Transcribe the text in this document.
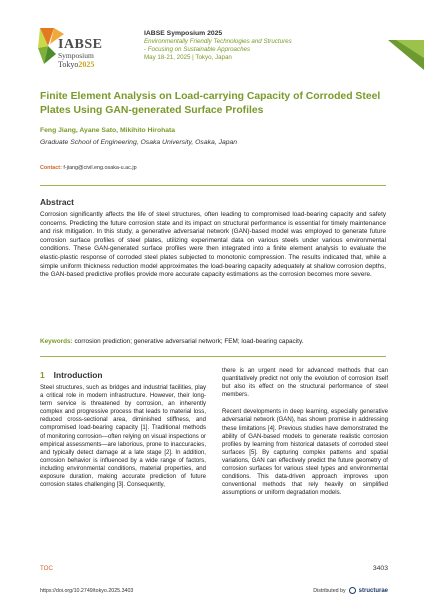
IABSE
Symposium
Tokyo2025
IABSE Symposium 2025
Environmentally Friendly Technologies and Structures
- Focusing on Sustainable Approaches
May 18-21, 2025 | Tokyo, Japan
Finite Element Analysis on Load-carrying Capacity of Corroded Steel Plates Using GAN-generated Surface Profiles
Feng Jiang, Ayane Sato, Mikihito Hirohata
Graduate School of Engineering, Osaka University, Osaka, Japan
Contact: f-jiang@civil.eng.osaka-u.ac.jp
Abstract
Corrosion significantly affects the life of steel structures, often leading to compromised load-bearing capacity and safety concerns. Predicting the future corrosion state and its impact on structural performance is essential for timely maintenance and risk mitigation. In this study, a generative adversarial network (GAN)-based model was employed to generate future corrosion surface profiles of steel plates, utilizing experimental data on various steels under various environmental conditions. These GAN-generated surface profiles were then integrated into a finite element analysis to evaluate the elastic-plastic response of corroded steel plates subjected to monotonic compression. The results indicated that, while a simple uniform thickness reduction model approximates the load-bearing capacity adequately at shallow corrosion depths, the GAN-based predictive profiles provide more accurate capacity estimations as the corrosion becomes more severe.
Keywords: corrosion prediction; generative adversarial network; FEM; load-bearing capacity.
1 Introduction
Steel structures, such as bridges and industrial facilities, play a critical role in modern infrastructure. However, their long-term service is threatened by corrosion, an inherently complex and progressive process that leads to material loss, reduced cross-sectional area, diminished stiffness, and compromised load-bearing capacity [1]. Traditional methods of monitoring corrosion—often relying on visual inspections or empirical assessments—are laborious, prone to inaccuracies, and typically detect damage at a late stage [2]. In addition, corrosion behavior is influenced by a wide range of factors, including environmental conditions, material properties, and exposure duration, making accurate prediction of future corrosion states challenging [3]. Consequently,

there is an urgent need for advanced methods that can quantitatively predict not only the evolution of corrosion itself but also its effect on the structural performance of steel members.

Recent developments in deep learning, especially generative adversarial network (GAN), has shown promise in addressing these limitations [4]. Previous studies have demonstrated the ability of GAN-based models to generate realistic corrosion profiles by learning from historical datasets of corroded steel surfaces [5]. By capturing complex patterns and spatial variations, GAN can effectively predict the future geometry of corrosion surfaces for various steel types and environmental conditions. This data-driven approach improves upon conventional methods that rely heavily on simplified assumptions or uniform degradation models.

TOC	3403
https://doi.org/10.2749/tokyo.2025.3403	Distributed by structurae
